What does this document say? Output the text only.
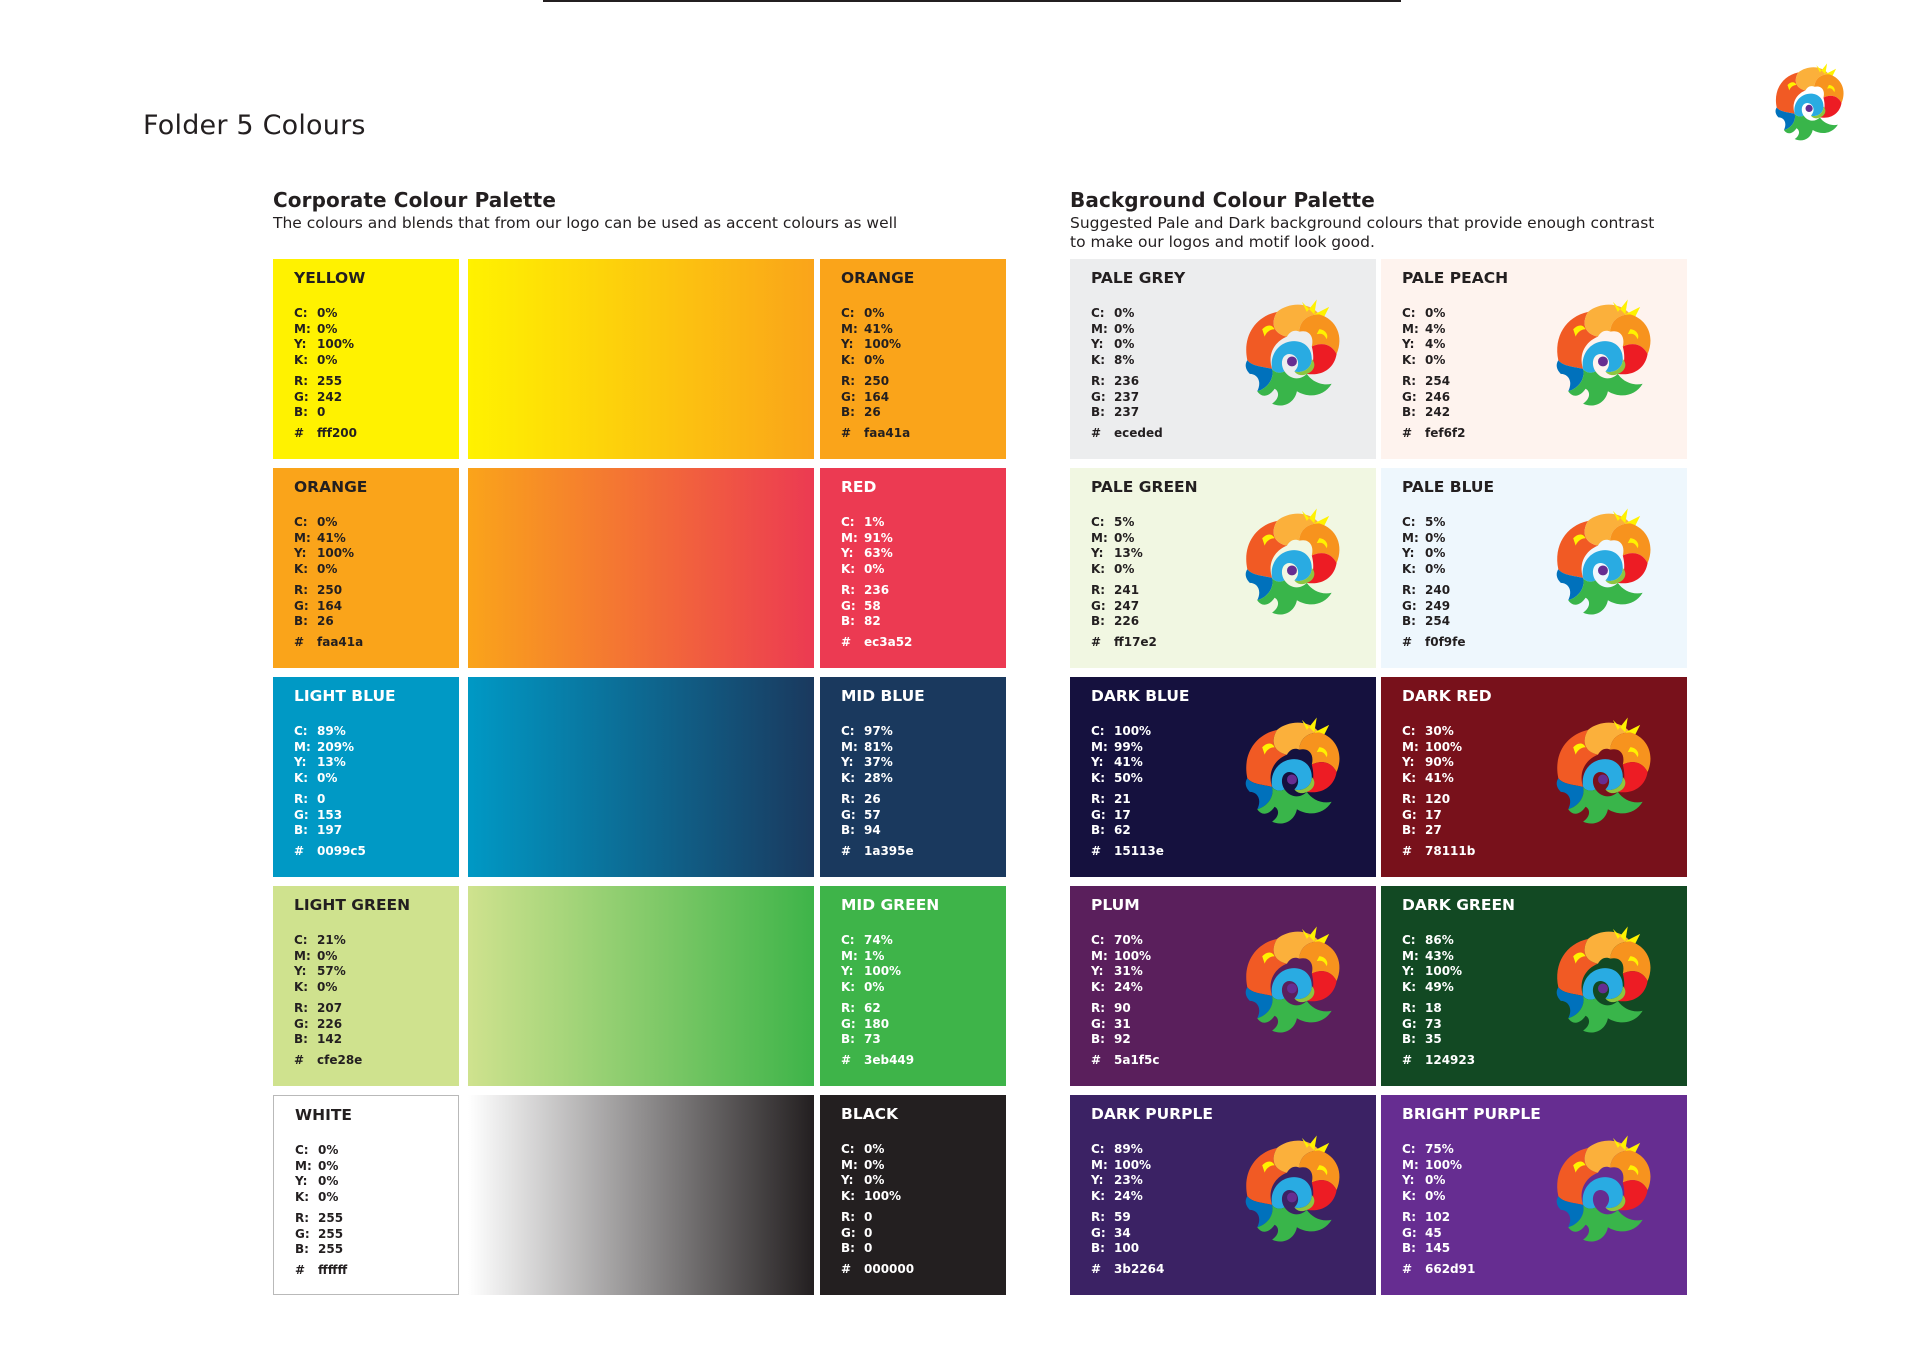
Folder 5 Colours
Corporate Colour Palette

The colours and blends that from our logo can be used as accent colours as well

Background Colour Palette

Suggested Pale and Dark background colours that provide enough contrast to make our logos and motif look good.

YELLOW
C: 0%
M: 0%
Y: 100%
K: 0%
R: 255
G: 242
B: 0
#	fff200
ORANGE
C: 0%
M: 41%
Y: 100%
K: 0%
R: 250
G: 164
B: 26
#	faa41a
ORANGE
C: 0%
M: 41%
Y: 100%
K: 0%
R: 250
G: 164
B: 26
#	faa41a
RED
C: 1%
M: 91%
Y: 63%
K: 0%
R: 236
G: 58
B: 82
#	ec3a52
LIGHT BLUE
C: 89%
M: 209%
Y: 13%
K: 0%
R: 0
G: 153
B: 197
#	0099c5
MID BLUE
C: 97%
M: 81%
Y: 37%
K: 28%
R: 26
G: 57
B: 94
#	1a395e
LIGHT GREEN
C: 21%
M: 0%
Y: 57%
K: 0%
R: 207
G: 226
B: 142
#	cfe28e
MID GREEN
C: 74%
M: 1%
Y: 100%
K: 0%
R: 62
G: 180
B: 73
#	3eb449
WHITE
C: 0%
M: 0%
Y: 0%
K: 0%
R: 255
G: 255
B: 255
#	ffffff
BLACK
C: 0%
M: 0%
Y: 0%
K: 100%
R: 0
G: 0
B: 0
#	000000
PALE GREY
C: 0%
M: 0%
Y: 0%
K: 8%
R: 236
G: 237
B: 237
#	eceded
PALE PEACH
C: 0%
M: 4%
Y: 4%
K: 0%
R: 254
G: 246
B: 242
#	fef6f2
PALE GREEN
C: 5%
M: 0%
Y: 13%
K: 0%
R: 241
G: 247
B: 226
#	ff17e2
PALE BLUE
C: 5%
M: 0%
Y: 0%
K: 0%
R: 240
G: 249
B: 254
#	f0f9fe
DARK BLUE
C: 100%
M: 99%
Y: 41%
K: 50%
R: 21
G: 17
B: 62
#	15113e
DARK RED
C: 30%
M: 100%
Y: 90%
K: 41%
R: 120
G: 17
B: 27
#	78111b
PLUM
C: 70%
M: 100%
Y: 31%
K: 24%
R: 90
G: 31
B: 92
#	5a1f5c
DARK GREEN
C: 86%
M: 43%
Y: 100%
K: 49%
R: 18
G: 73
B: 35
#	124923
DARK PURPLE
C: 89%
M: 100%
Y: 23%
K: 24%
R: 59
G: 34
B: 100
#	3b2264
BRIGHT PURPLE
C: 75%
M: 100%
Y: 0%
K: 0%
R: 102
G: 45
B: 145
#	662d91
